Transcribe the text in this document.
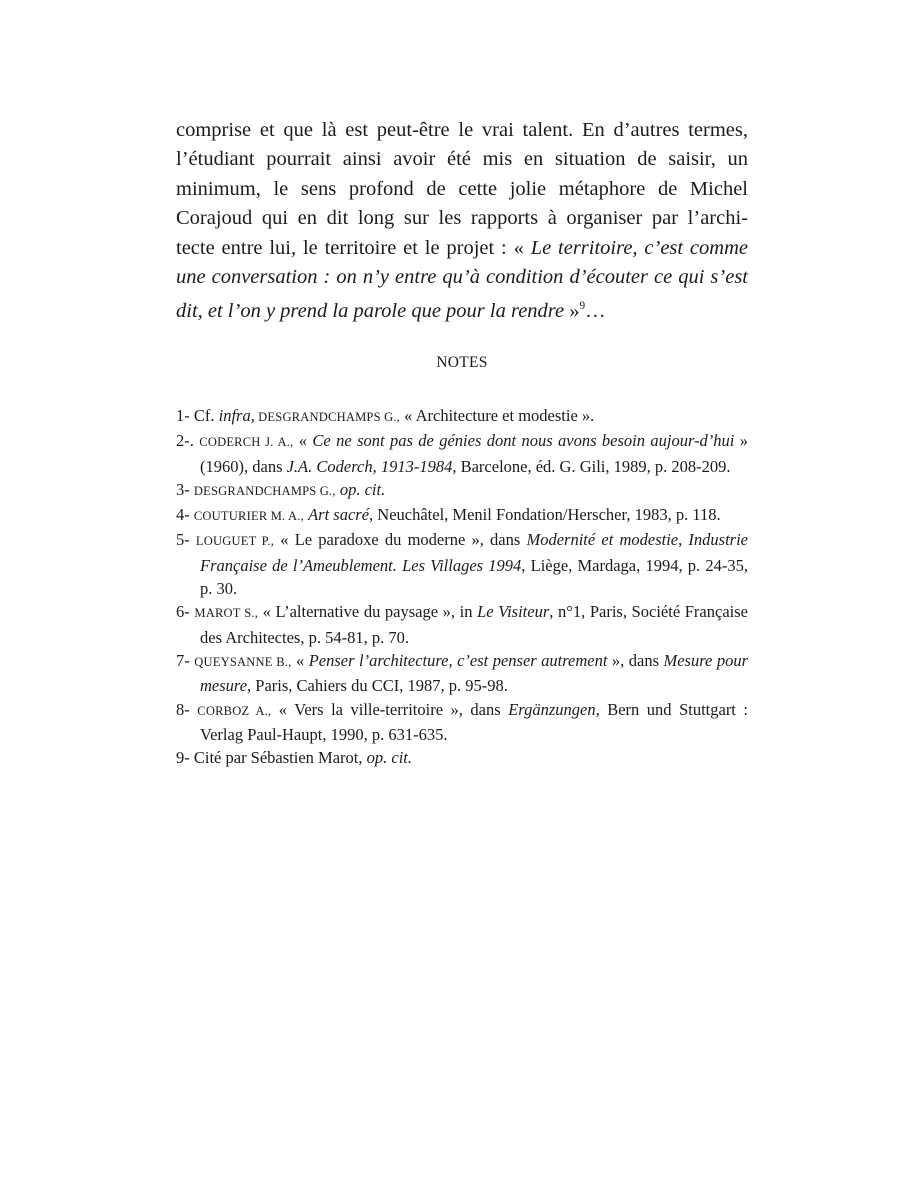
comprise et que là est peut-être le vrai talent. En d’autres termes,
l’étudiant pourrait ainsi avoir été mis en situation de saisir, un
minimum, le sens profond de cette jolie métaphore de Michel
Corajoud qui en dit long sur les rapports à organiser par l’archi-
tecte entre lui, le territoire et le projet : « Le territoire, c’est comme
une conversation : on n’y entre qu’à condition d’écouter ce qui s’est
dit, et l’on y prend la parole que pour la rendre »$^9$…
NOTES
1- Cf. infra, DESGRANDCHAMPS G., « Architecture et modestie ».
2-. CODERCH J. A., « Ce ne sont pas de génies dont nous avons besoin aujour-d’hui » (1960), dans J.A. Coderch, 1913-1984, Barcelone, éd. G. Gili, 1989, p. 208-209.
3- DESGRANDCHAMPS G., op. cit.
4- COUTURIER M. A., Art sacré, Neuchâtel, Menil Fondation/Herscher, 1983, p. 118.
5- LOUGUET P., « Le paradoxe du moderne », dans Modernité et modestie, Industrie Française de l’Ameublement. Les Villages 1994, Liège, Mardaga, 1994, p. 24-35, p. 30.
6- MAROT S., « L’alternative du paysage », in Le Visiteur, n°1, Paris, Société Française des Architectes, p. 54-81, p. 70.
7- QUEYSANNE B., « Penser l’architecture, c’est penser autrement », dans Mesure pour mesure, Paris, Cahiers du CCI, 1987, p. 95-98.
8- CORBOZ A., « Vers la ville-territoire », dans Ergänzungen, Bern und Stuttgart : Verlag Paul-Haupt, 1990, p. 631-635.
9- Cité par Sébastien Marot, op. cit.
